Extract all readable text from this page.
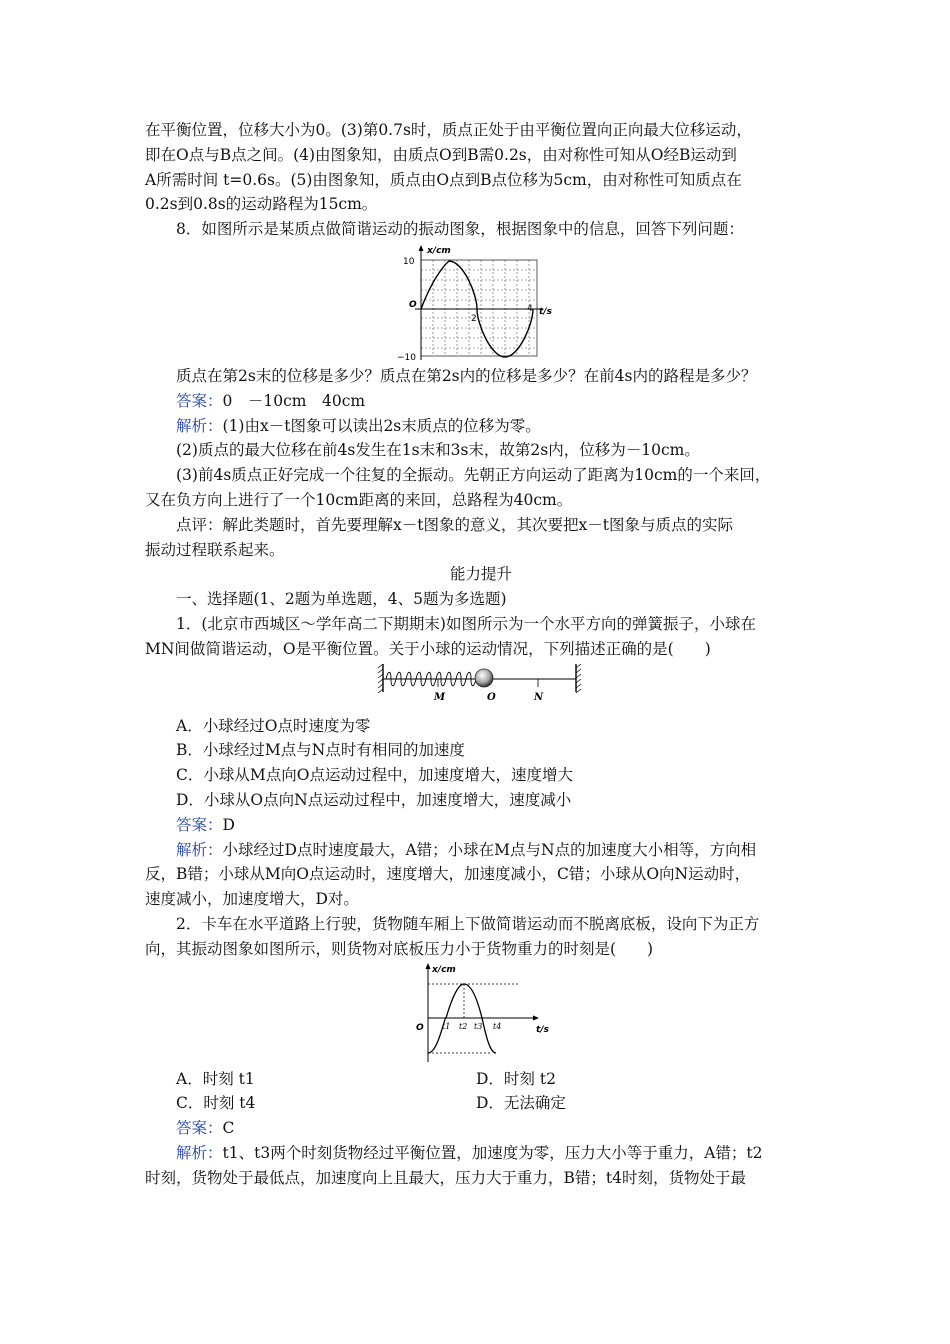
在平衡位置，位移大小为0。(3)第0.7s时，质点正处于由平衡位置向正向最大位移运动，

即在O点与B点之间。(4)由图象知，由质点O到B需0.2s，由对称性可知从O经B运动到

A所需时间 t=0.6s。(5)由图象知，质点由O点到B点位移为5cm，由对称性可知质点在

0.2s到0.8s的运动路程为15cm。

8．如图所示是某质点做简谐运动的振动图象，根据图象中的信息，回答下列问题：

x/cm
10
−10
O
2
4 t/s

质点在第2s末的位移是多少？质点在第2s内的位移是多少？在前4s内的路程是多少？

答案：0　－10cm　40cm

解析：(1)由x－t图象可以读出2s末质点的位移为零。

(2)质点的最大位移在前4s发生在1s末和3s末，故第2s内，位移为－10cm。

(3)前4s质点正好完成一个往复的全振动。先朝正方向运动了距离为10cm的一个来回，

又在负方向上进行了一个10cm距离的来回，总路程为40cm。

点评：解此类题时，首先要理解x－t图象的意义，其次要把x－t图象与质点的实际

振动过程联系起来。

能力提升

一、选择题(1、2题为单选题，4、5题为多选题)

1．(北京市西城区～学年高二下期期末)如图所示为一个水平方向的弹簧振子，小球在

MN间做简谐运动，O是平衡位置。关于小球的运动情况，下列描述正确的是(　　)

M	O	N

A．小球经过O点时速度为零

B．小球经过M点与N点时有相同的加速度

C．小球从M点向O点运动过程中，加速度增大，速度增大

D．小球从O点向N点运动过程中，加速度增大，速度减小

答案：D

解析：小球经过D点时速度最大，A错；小球在M点与N点的加速度大小相等，方向相

反，B错；小球从M向O点运动时，速度增大，加速度减小，C错；小球从O向N运动时，

速度减小，加速度增大，D对。

2．卡车在水平道路上行驶，货物随车厢上下做简谐运动而不脱离底板，设向下为正方

向，其振动图象如图所示，则货物对底板压力小于货物重力的时刻是(　　)

x/cm
O t1 t2 t3 t4	t/s

A．时刻 t1	D．时刻 t2

C．时刻 t4	D．无法确定

答案：C

解析：t1、t3两个时刻货物经过平衡位置，加速度为零，压力大小等于重力，A错；t2

时刻，货物处于最低点，加速度向上且最大，压力大于重力，B错；t4时刻，货物处于最
